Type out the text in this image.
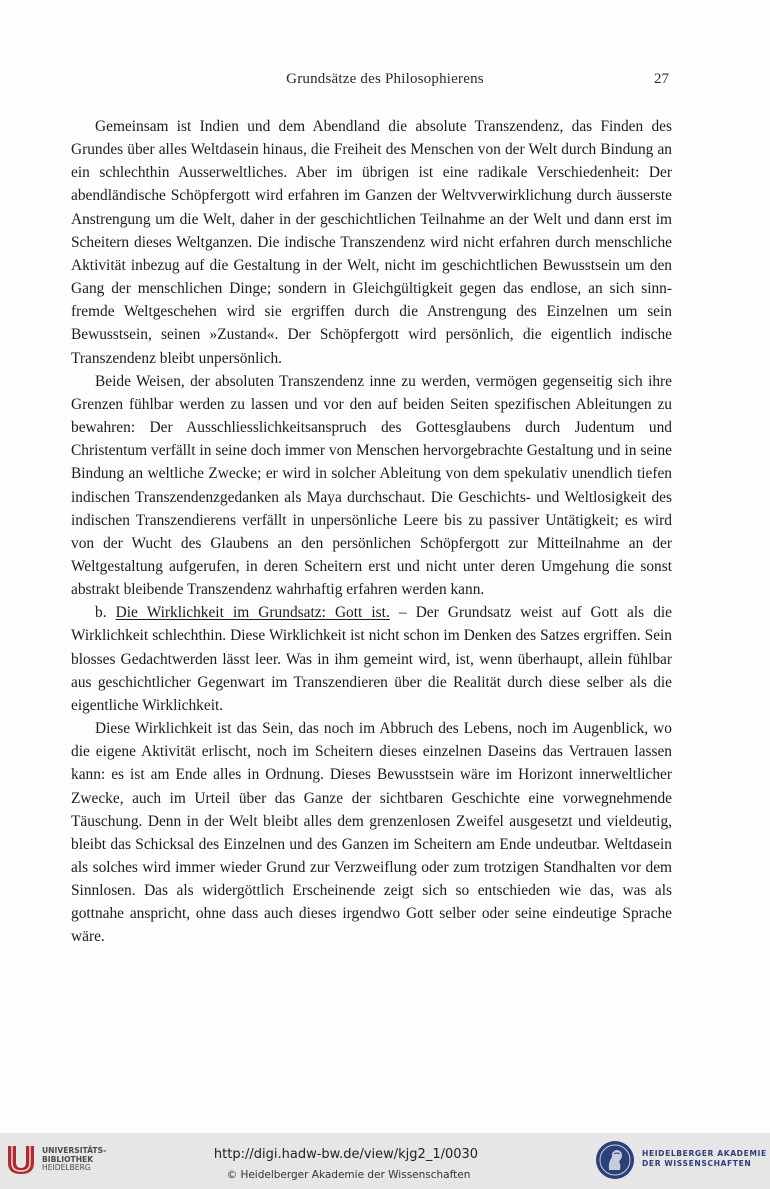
Grundsätze des Philosophierens	27

Gemeinsam ist Indien und dem Abendland die absolute Transzendenz, das Finden des Grundes über alles Weltdasein hinaus, die Freiheit des Menschen von der Welt durch Bindung an ein schlechthin Ausserweltliches. Aber im übrigen ist eine radikale Verschiedenheit: Der abendländische Schöpfergott wird erfahren im Ganzen der Weltvverwirklichung durch äusserste Anstrengung um die Welt, daher in der geschichtlichen Teilnahme an der Welt und dann erst im Scheitern dieses Weltganzen. Die indische Transzendenz wird nicht erfahren durch menschliche Aktivität inbezug auf die Gestaltung in der Welt, nicht im geschichtlichen Bewusstsein um den Gang der menschlichen Dinge; sondern in Gleichgültigkeit gegen das endlose, an sich sinnfremde Weltgeschehen wird sie ergriffen durch die Anstrengung des Einzelnen um sein Bewusstsein, seinen »Zustand«. Der Schöpfergott wird persönlich, die eigentlich indische Transzendenz bleibt unpersönlich.

Beide Weisen, der absoluten Transzendenz inne zu werden, vermögen gegenseitig sich ihre Grenzen fühlbar werden zu lassen und vor den auf beiden Seiten spezifischen Ableitungen zu bewahren: Der Ausschliesslichkeitsanspruch des Gottesglaubens durch Judentum und Christentum verfällt in seine doch immer von Menschen hervorgebrachte Gestaltung und in seine Bindung an weltliche Zwecke; er wird in solcher Ableitung von dem spekulativ unendlich tiefen indischen Transzendenzgedanken als Maya durchschaut. Die Geschichts- und Weltlosigkeit des indischen Transzendierens verfällt in unpersönliche Leere bis zu passiver Untätigkeit; es wird von der Wucht des Glaubens an den persönlichen Schöpfergott zur Mitteilnahme an der Weltgestaltung aufgerufen, in deren Scheitern erst und nicht unter deren Umgehung die sonst abstrakt bleibende Transzendenz wahrhaftig erfahren werden kann.

b. Die Wirklichkeit im Grundsatz: Gott ist. – Der Grundsatz weist auf Gott als die Wirklichkeit schlechthin. Diese Wirklichkeit ist nicht schon im Denken des Satzes ergriffen. Sein blosses Gedachtwerden lässt leer. Was in ihm gemeint wird, ist, wenn überhaupt, allein fühlbar aus geschichtlicher Gegenwart im Transzendieren über die Realität durch diese selber als die eigentliche Wirklichkeit.

Diese Wirklichkeit ist das Sein, das noch im Abbruch des Lebens, noch im Augenblick, wo die eigene Aktivität erlischt, noch im Scheitern dieses einzelnen Daseins das Vertrauen lassen kann: es ist am Ende alles in Ordnung. Dieses Bewusstsein wäre im Horizont innerweltlicher Zwecke, auch im Urteil über das Ganze der sichtbaren Geschichte eine vorwegnehmende Täuschung. Denn in der Welt bleibt alles dem grenzenlosen Zweifel ausgesetzt und vieldeutig, bleibt das Schicksal des Einzelnen und des Ganzen im Scheitern am Ende undeutbar. Weltdasein als solches wird immer wieder Grund zur Verzweiflung oder zum trotzigen Standhalten vor dem Sinnlosen. Das als widergöttlich Erscheinende zeigt sich so entschieden wie das, was als gottnahe anspricht, ohne dass auch dieses irgendwo Gott selber oder seine eindeutige Sprache wäre.

UNIVERSITÄTS-
BIBLIOTHEK
HEIDELBERG
http://digi.hadw-bw.de/view/kjg2_1/0030
© Heidelberger Akademie der Wissenschaften
HEIDELBERGER AKADEMIE
DER WISSENSCHAFTEN
